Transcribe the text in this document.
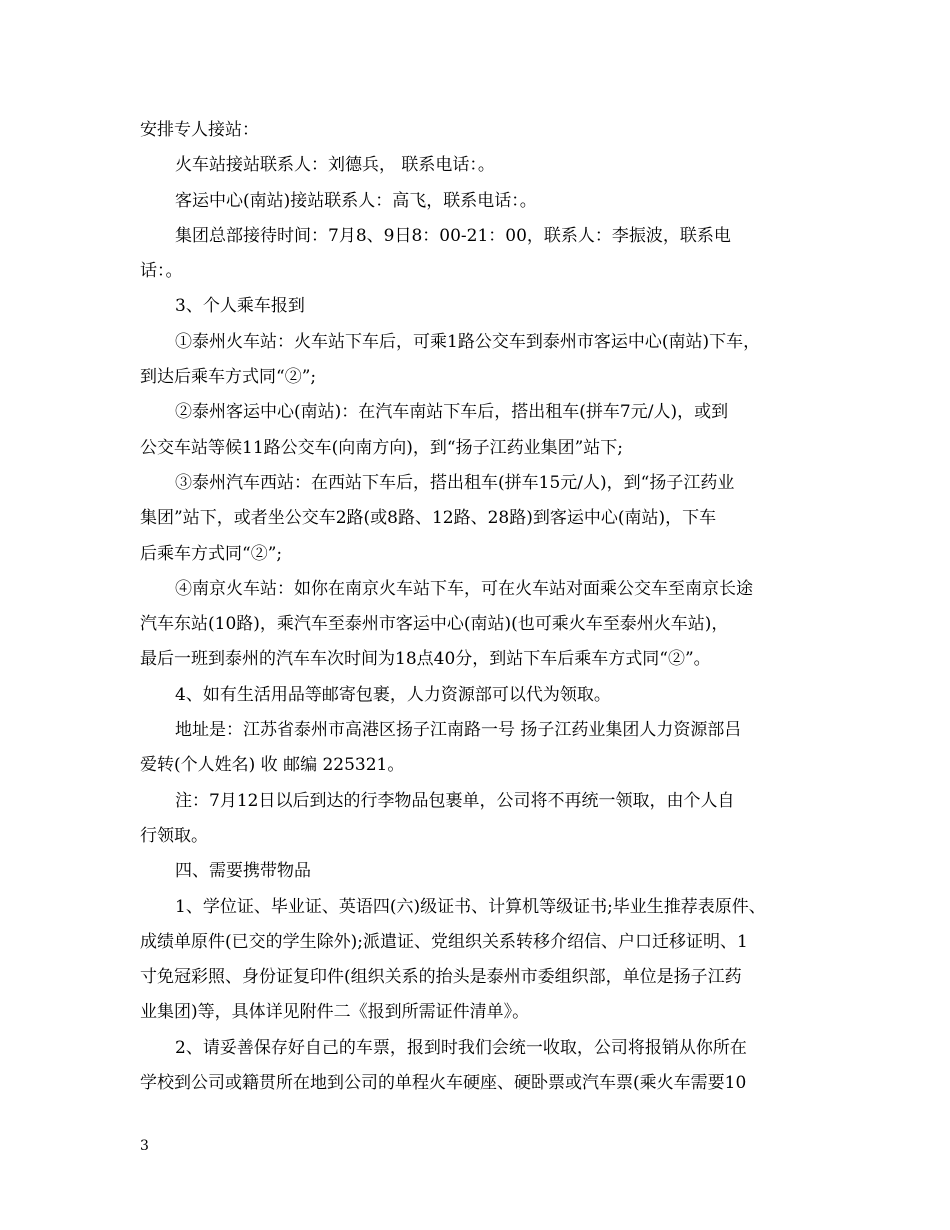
安排专人接站：
火车站接站联系人：刘德兵， 联系电话：。
客运中心(南站)接站联系人：高飞，联系电话：。
集团总部接待时间：7月8、9日8：00-21：00，联系人：李振波，联系电
话：。
3、个人乘车报到
①泰州火车站：火车站下车后，可乘1路公交车到泰州市客运中心(南站)下车，
到达后乘车方式同“②”;
②泰州客运中心(南站)：在汽车南站下车后，搭出租车(拼车7元/人)，或到
公交车站等候11路公交车(向南方向)，到“扬子江药业集团”站下;
③泰州汽车西站：在西站下车后，搭出租车(拼车15元/人)，到“扬子江药业
集团”站下，或者坐公交车2路(或8路、12路、28路)到客运中心(南站)，下车
后乘车方式同“②”;
④南京火车站：如你在南京火车站下车，可在火车站对面乘公交车至南京长途
汽车东站(10路)，乘汽车至泰州市客运中心(南站)(也可乘火车至泰州火车站)，
最后一班到泰州的汽车车次时间为18点40分，到站下车后乘车方式同“②”。
4、如有生活用品等邮寄包裹，人力资源部可以代为领取。
地址是：江苏省泰州市高港区扬子江南路一号 扬子江药业集团人力资源部吕
爱转(个人姓名) 收 邮编 225321。
注：7月12日以后到达的行李物品包裹单，公司将不再统一领取，由个人自
行领取。
四、需要携带物品
1、学位证、毕业证、英语四(六)级证书、计算机等级证书;毕业生推荐表原件、
成绩单原件(已交的学生除外);派遣证、党组织关系转移介绍信、户口迁移证明、1
寸免冠彩照、身份证复印件(组织关系的抬头是泰州市委组织部，单位是扬子江药
业集团)等，具体详见附件二《报到所需证件清单》。
2、请妥善保存好自己的车票，报到时我们会统一收取，公司将报销从你所在
学校到公司或籍贯所在地到公司的单程火车硬座、硬卧票或汽车票(乘火车需要10
3
